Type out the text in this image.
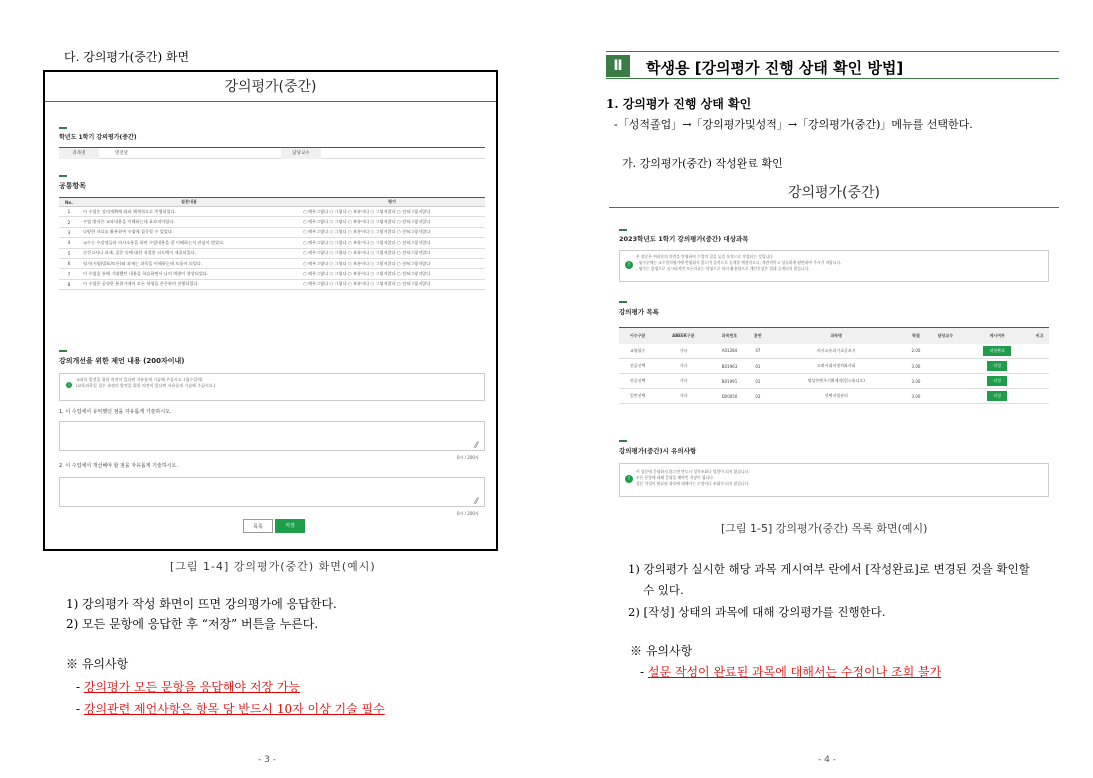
다. 강의평가(중간) 화면
강의평가(중간)
학년도 1학기 강의평가(중간)
과목명	열전달	담당교수
공통항목
No.	설문내용	평가
1	이 수업은 강의계획에 따라 체계적으로 진행되었다.	○ 매우그렇다 ○ 그렇다 ○ 보통이다 ○ 그렇지않다 ○ 전혀그렇지않다
2	수업 방식은 교과내용을 이해하는데 효과적이었다.	○ 매우그렇다 ○ 그렇다 ○ 보통이다 ○ 그렇지않다 ○ 전혀그렇지않다
3	다양한 자료를 활용하여 수업에 집중할 수 있었다.	○ 매우그렇다 ○ 그렇다 ○ 보통이다 ○ 그렇지않다 ○ 전혀그렇지않다
4	교수는 수강생들과 의사소통을 하며 수업내용을 잘 이해하는지 관심이 많았다.	○ 매우그렇다 ○ 그렇다 ○ 보통이다 ○ 그렇지않다 ○ 전혀그렇지않다
5	중간고사나 과제, 질문 등에 대한 적절한 피드백이 제공되었다.	○ 매우그렇다 ○ 그렇다 ○ 보통이다 ○ 그렇지않다 ○ 전혀그렇지않다
6	평가(시험/발표/토론)와 과제는 과목을 이해하는데 도움이 되었다.	○ 매우그렇다 ○ 그렇다 ○ 보통이다 ○ 그렇지않다 ○ 전혀그렇지않다
7	이 수업을 통해 기대했던 내용을 학습하면서 나의 역량이 향상되었다.	○ 매우그렇다 ○ 그렇다 ○ 보통이다 ○ 그렇지않다 ○ 전혀그렇지않다
8	이 수업은 공정한 분위기에서 모든 학생을 존중하며 진행되었다.	○ 매우그렇다 ○ 그렇다 ○ 보통이다 ○ 그렇지않다 ○ 전혀그렇지않다
강의개선을 위한 제언 내용 (200자이내)
i
교과목 발전을 위한 의견이 있다면 자유롭게 기술해 주십시오. (필수입력)
(교육과목일 경우 과정의 발전을 위한 의견이 있다면 자유롭게 기술해 주십시오.)
1. 이 수업에서 유익했던 점을 자유롭게 기술하시오.
⁄⁄
0자 / 200자
2. 이 수업에서 개선해야 할 점을 자유롭게 기술하시오.
⁄⁄
0자 / 200자
목록	저장
[그림 1-4] 강의평가(중간) 화면(예시)
1) 강의평가 작성 화면이 뜨면 강의평가에 응답한다.
2) 모든 문항에 응답한 후 “저장” 버튼을 누른다.
※ 유의사항
- 강의평가 모든 문항을 응답해야 저장 가능
- 강의관련 제언사항은 항목 당 반드시 10자 이상 기술 필수
- 3 -
Ⅱ	학생용 [강의평가 진행 상태 확인 방법]
1. 강의평가 진행 상태 확인
-「성적졸업」→「강의평가및성적」→「강의평가(중간)」메뉴를 선택한다.
가. 강의평가(중간) 작성완료 확인
강의평가(중간)
2023학년도 1학기 강의평가(중간) 대상과목
!
본 설문은 여러분의 의견을 반영하여 수업의 질을 높일 목적으로 작성되는 것입니다.
- 평가중에는 교수업적평가에 반영하지 않으며 질적으로 공개할 예정이오니, 객관적이고 성실하게 답변하여 주시기 바랍니다.
- 평가는 설명으로 실시되지만 모든자료는 익명으로 처리 활용함으로 개인신상은 절대 공개되지 않습니다.
강의평가 목록
이수구분	ABEEK구분	과목번호	분반	과목명	학점	담당교수	게시여부	비고
교양필수	기타	A01284	47	의사소통과기초글쓰기	2.00		작성완료	
전공선택	기타	B01963	01	고려시대의정치와사회	3.00		작성	
전공선택	기타	B01991	01	명상콘텐츠기획제작(멀스튜디오)	3.00		작성	
일반선택	기타	D00050	03	선택지정관리	3.00		작성	
강의평가(중간)시 유의사항
!
이 설문에 응답하지 않으면 반드시 성적조회나 열람이 되지 않습니다.
모든 문항에 대해 응답을 해야만 저장이 됩니다.
설문 작성이 완료된 과목에 대해서는 수정이나 조회가 되지 않습니다.
[그림 1-5] 강의평가(중간) 목록 화면(예시)
1) 강의평가 실시한 해당 과목 게시여부 란에서 [작성완료]로 변경된 것을 확인할
수 있다.
2) [작성] 상태의 과목에 대해 강의평가를 진행한다.
※ 유의사항
- 설문 작성이 완료된 과목에 대해서는 수정이나 조회 불가
- 4 -
